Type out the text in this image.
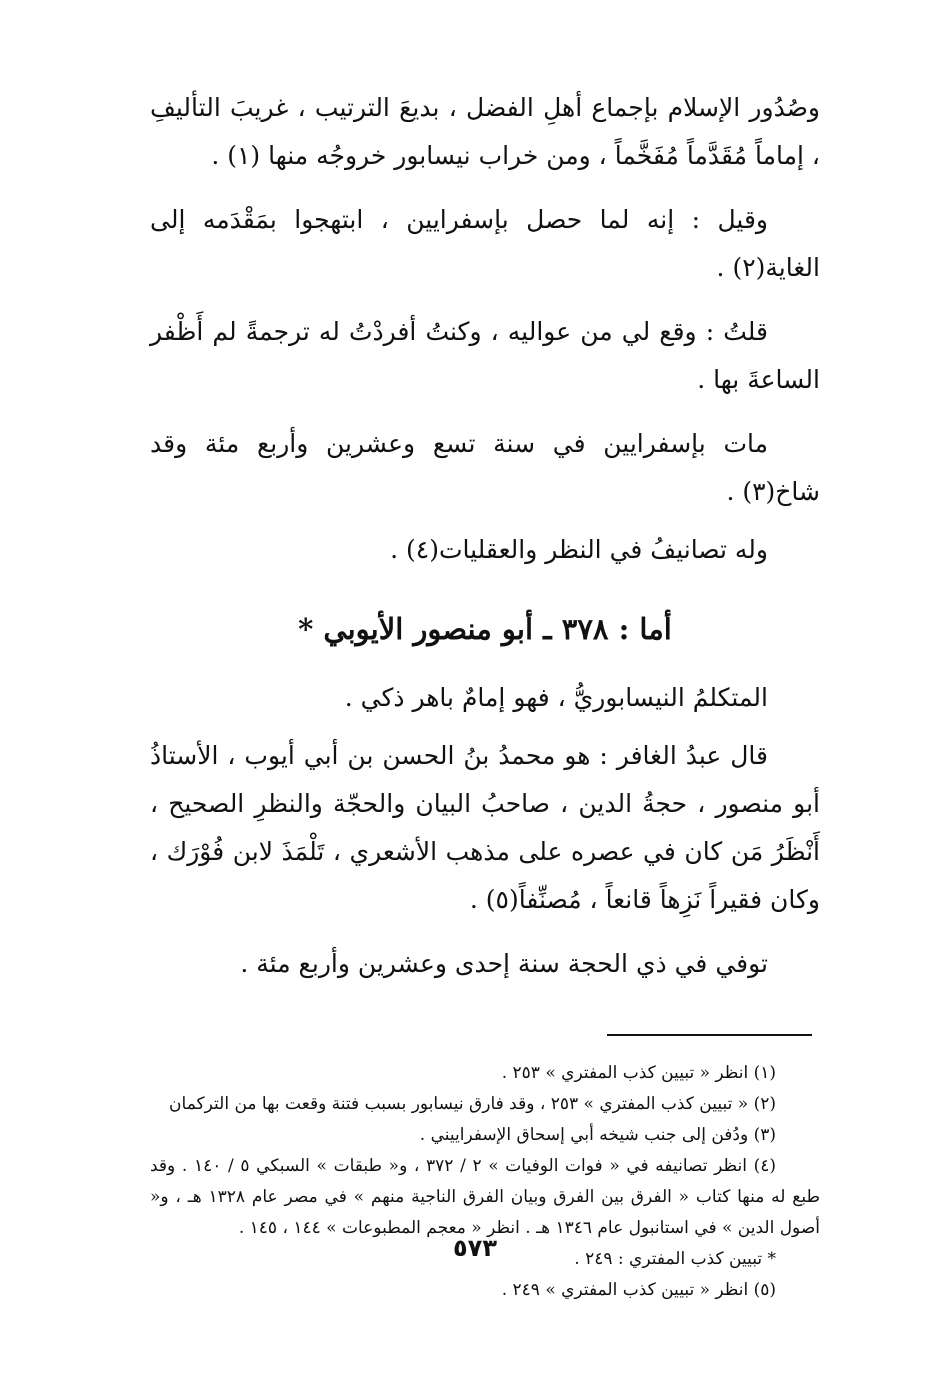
وصُدُور الإسلام بإجماع أهلِ الفضل ، بديعَ الترتيب ، غريبَ التأليفِ ، إماماً مُقَدَّماً مُفَخَّماً ، ومن خراب نيسابور خروجُه منها (١) .

وقيل : إنه لما حصل بإسفرايين ، ابتهجوا بمَقْدَمه إلى الغاية(٢) .

قلتُ : وقع لي من عواليه ، وكنتُ أفردْتُ له ترجمةً لم أَظْفر الساعةَ بها .

مات بإسفرايين في سنة تسع وعشرين وأربع مئة وقد شاخ(٣) .

وله تصانيفُ في النظر والعقليات(٤) .

أما : ٣٧٨ ـ أبو منصور الأيوبي *

المتكلمُ النيسابوريُّ ، فهو إمامٌ باهر ذكي .

قال عبدُ الغافر : هو محمدُ بنُ الحسن بن أبي أيوب ، الأستاذُ أبو منصور ، حجةُ الدين ، صاحبُ البيان والحجّة والنظرِ الصحيح ، أَنْظَرُ مَن كان في عصره على مذهب الأشعري ، تَلْمَذَ لابن فُوْرَك ، وكان فقيراً نَزِهاً قانعاً ، مُصنِّفاً(٥) .

توفي في ذي الحجة سنة إحدى وعشرين وأربع مئة .

(١) انظر « تبيين كذب المفتري » ٢٥٣ .

(٢) « تبيين كذب المفتري » ٢٥٣ ، وقد فارق نيسابور بسبب فتنة وقعت بها من التركمان

(٣) ودُفن إلى جنب شيخه أبي إسحاق الإسفراييني .

(٤) انظر تصانيفه في « فوات الوفيات » ٢ / ٣٧٢ ، و« طبقات » السبكي ٥ / ١٤٠ . وقد طبع له منها كتاب « الفرق بين الفرق وبيان الفرق الناجية منهم » في مصر عام ١٣٢٨ هـ ، و« أصول الدين » في استانبول عام ١٣٤٦ هـ . انظر « معجم المطبوعات » ١٤٤ ، ١٤٥ .

* تبيين كذب المفتري : ٢٤٩ .

(٥) انظر « تبيين كذب المفتري » ٢٤٩ .

٥٧٣
